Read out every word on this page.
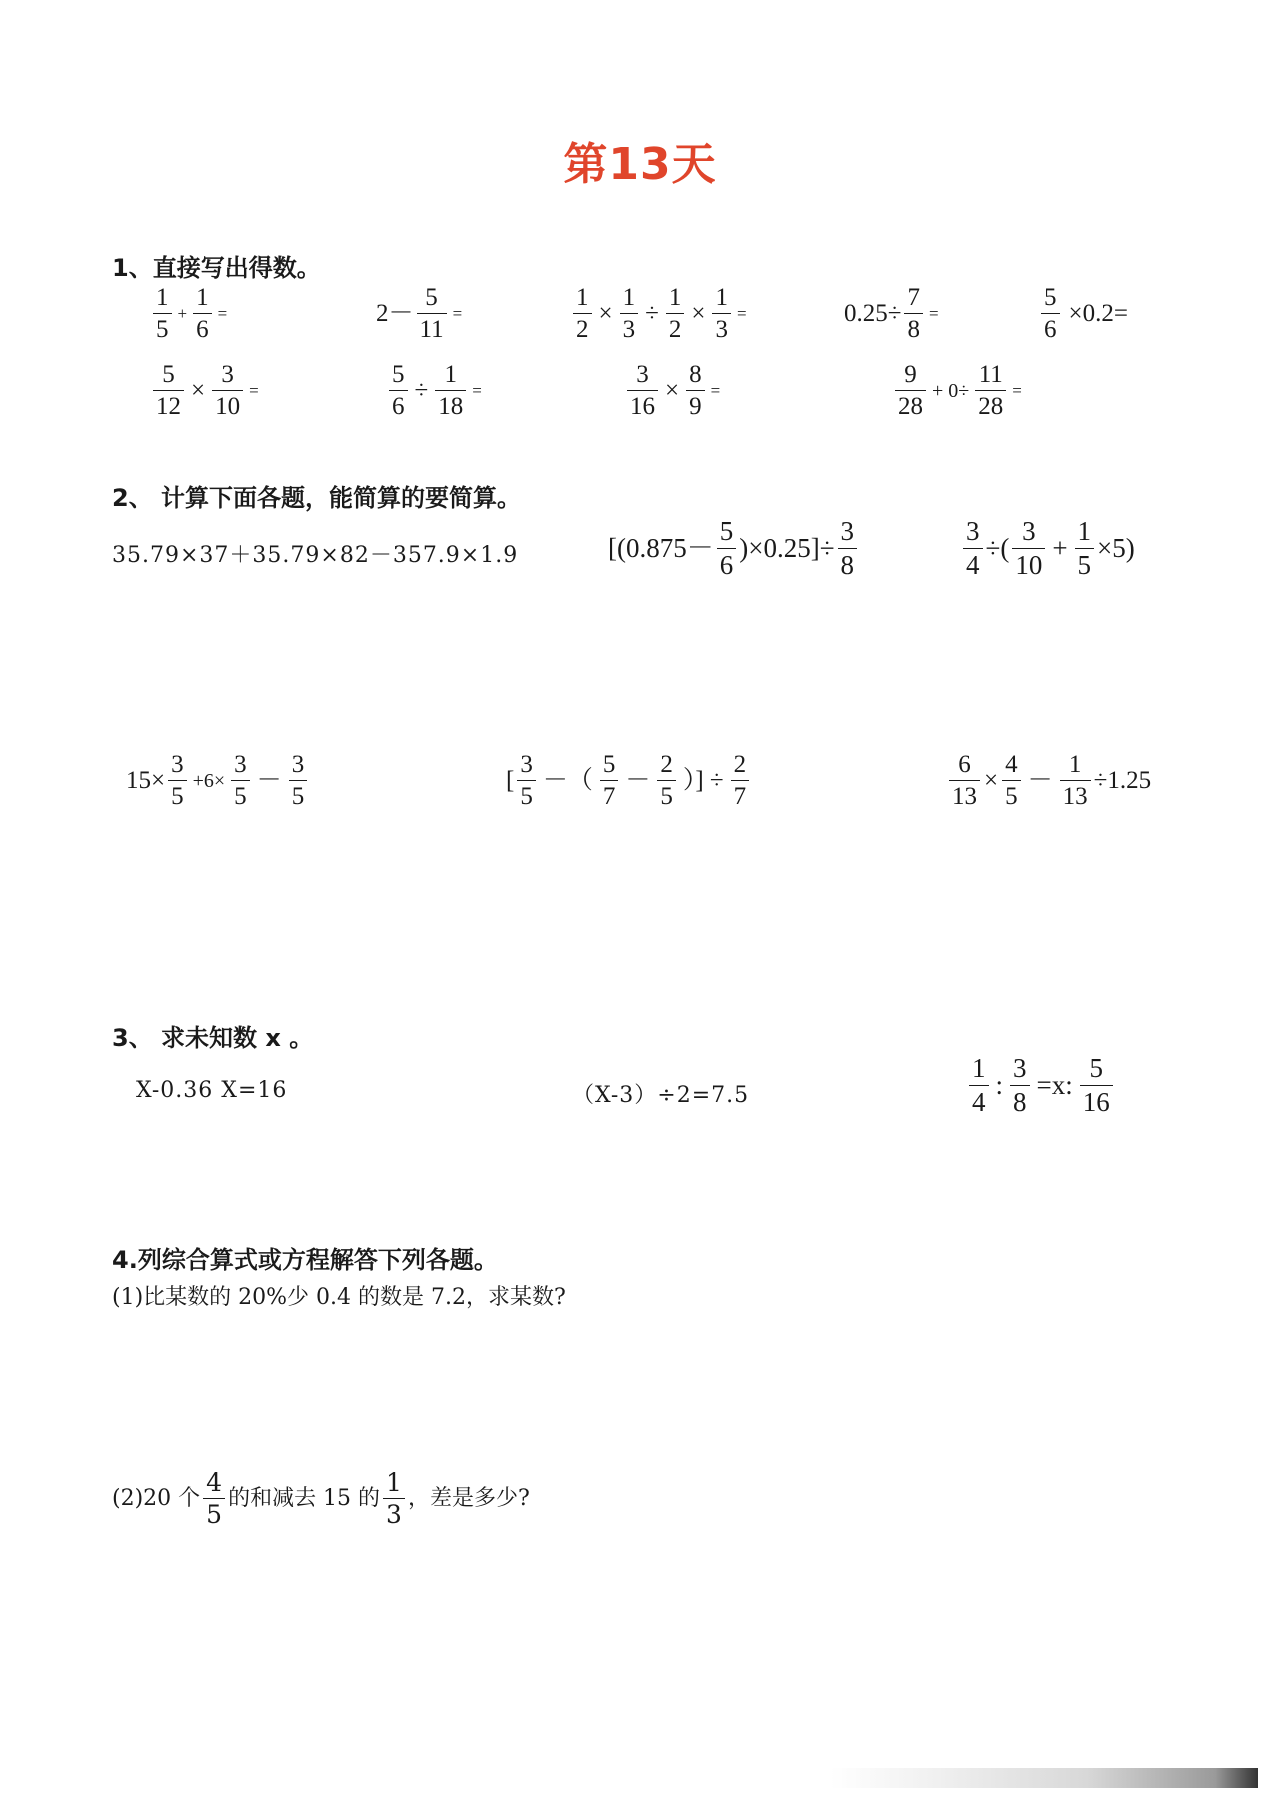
第13天
1、直接写出得数。
$\frac{1}{5} + \frac{1}{6}$ =	$2- \frac{5}{11}$ =	$\frac{1}{2} \times \frac{1}{3} \div \frac{1}{2} \times \frac{1}{3}$ =	$0.25\div \frac{7}{8}$ =	$\frac{5}{6} \times 0.2=$
$\frac{5}{12} \times \frac{3}{10}$ =	$\frac{5}{6} \div \frac{1}{18}$ =	$\frac{3}{16} \times \frac{8}{9}$ =	$\frac{9}{28} + 0\div \frac{11}{28}$ =
2、 计算下面各题，能简算的要简算。
35.79×37＋35.79×82－357.9×1.9	$[(0.875- \frac{5}{6} )\times 0.25]\div \frac{3}{8}$	$\frac{3}{4}$ ÷( $\frac{3}{10} + \frac{1}{5} \times 5$)
$15\times \frac{3}{5} +6\times \frac{3}{5} - \frac{3}{5}$	[ $\frac{3}{5}$ －（ $\frac{5}{7} - \frac{2}{5}$ ）] ÷ $\frac{2}{7}$	$\frac{6}{13} \times \frac{4}{5} - \frac{1}{13} \div 1.25$
3、 求未知数 x 。
X-0.36 X=16	（X-3）÷2=7.5	$\frac{1}{4}$ : $\frac{3}{8} =x$: $\frac{5}{16}$
4.列综合算式或方程解答下列各题。
(1)比某数的 20%少 0.4 的数是 7.2，求某数?
(2)20 个 $\frac{4}{5}$ 的和减去 15 的 $\frac{1}{3}$ ，差是多少?
